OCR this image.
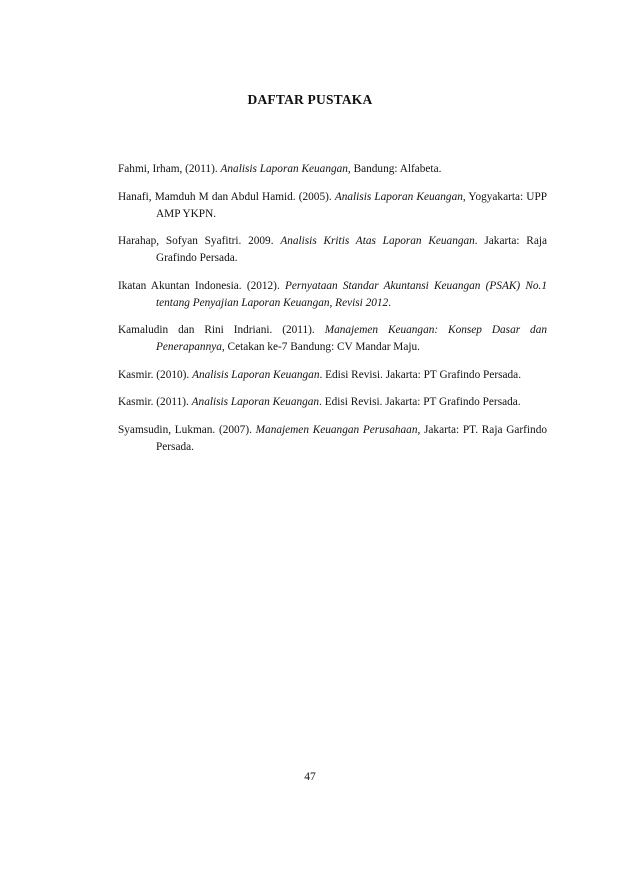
DAFTAR PUSTAKA

Fahmi, Irham, (2011). Analisis Laporan Keuangan, Bandung: Alfabeta.

Hanafi, Mamduh M dan Abdul Hamid. (2005). Analisis Laporan Keuangan, Yogyakarta: UPP AMP YKPN.

Harahap, Sofyan Syafitri. 2009. Analisis Kritis Atas Laporan Keuangan. Jakarta: Raja Grafindo Persada.

Ikatan Akuntan Indonesia. (2012). Pernyataan Standar Akuntansi Keuangan (PSAK) No.1 tentang Penyajian Laporan Keuangan, Revisi 2012.

Kamaludin dan Rini Indriani. (2011). Manajemen Keuangan: Konsep Dasar dan Penerapannya, Cetakan ke-7 Bandung: CV Mandar Maju.

Kasmir. (2010). Analisis Laporan Keuangan. Edisi Revisi. Jakarta: PT Grafindo Persada.

Kasmir. (2011). Analisis Laporan Keuangan. Edisi Revisi. Jakarta: PT Grafindo Persada.

Syamsudin, Lukman. (2007). Manajemen Keuangan Perusahaan, Jakarta: PT. Raja Garfindo Persada.

47
